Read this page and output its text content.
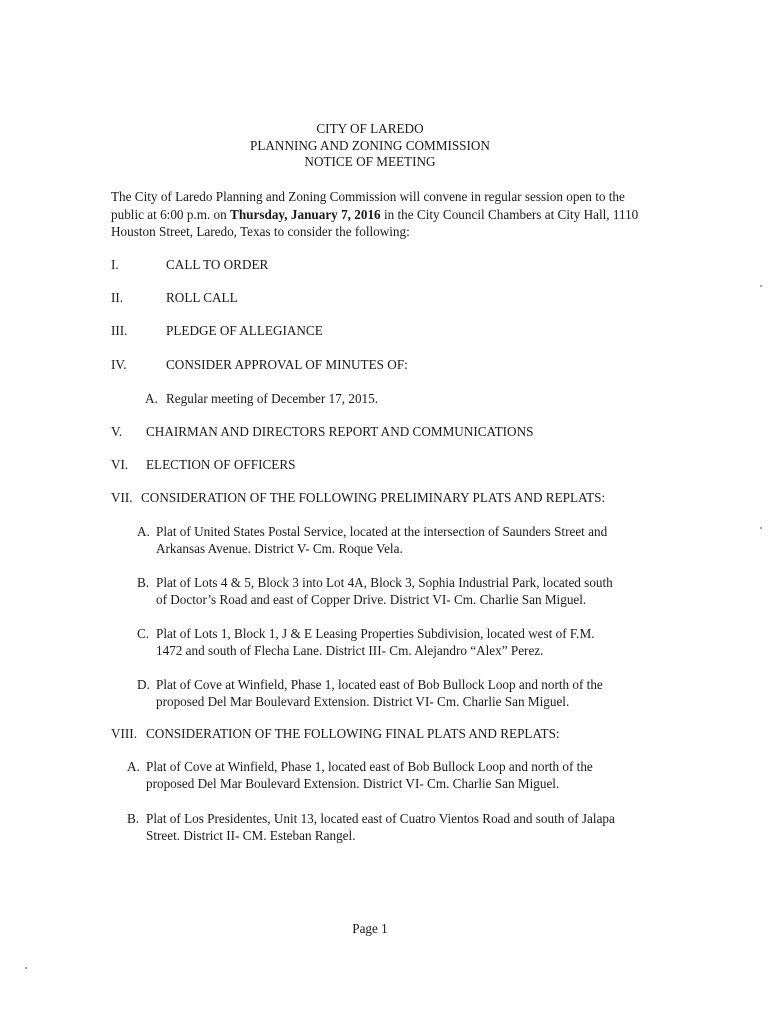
CITY OF LAREDO
PLANNING AND ZONING COMMISSION
NOTICE OF MEETING
The City of Laredo Planning and Zoning Commission will convene in regular session open to the public at 6:00 p.m. on Thursday, January 7, 2016 in the City Council Chambers at City Hall, 1110 Houston Street, Laredo, Texas to consider the following:
I.	CALL TO ORDER
II.	ROLL CALL
III.	PLEDGE OF ALLEGIANCE
IV.	CONSIDER APPROVAL OF MINUTES OF:
A. Regular meeting of December 17, 2015.
V. CHAIRMAN AND DIRECTORS REPORT AND COMMUNICATIONS
VI. ELECTION OF OFFICERS
VII. CONSIDERATION OF THE FOLLOWING PRELIMINARY PLATS AND REPLATS:
A. Plat of United States Postal Service, located at the intersection of Saunders Street and
Arkansas Avenue. District V- Cm. Roque Vela.
B. Plat of Lots 4 & 5, Block 3 into Lot 4A, Block 3, Sophia Industrial Park, located south
of Doctor’s Road and east of Copper Drive. District VI- Cm. Charlie San Miguel.
C. Plat of Lots 1, Block 1, J & E Leasing Properties Subdivision, located west of F.M.
1472 and south of Flecha Lane. District III- Cm. Alejandro “Alex” Perez.
D. Plat of Cove at Winfield, Phase 1, located east of Bob Bullock Loop and north of the
proposed Del Mar Boulevard Extension. District VI- Cm. Charlie San Miguel.
VIII. CONSIDERATION OF THE FOLLOWING FINAL PLATS AND REPLATS:
A. Plat of Cove at Winfield, Phase 1, located east of Bob Bullock Loop and north of the
proposed Del Mar Boulevard Extension. District VI- Cm. Charlie San Miguel.
B. Plat of Los Presidentes, Unit 13, located east of Cuatro Vientos Road and south of Jalapa
Street. District II- CM. Esteban Rangel.
Page 1
